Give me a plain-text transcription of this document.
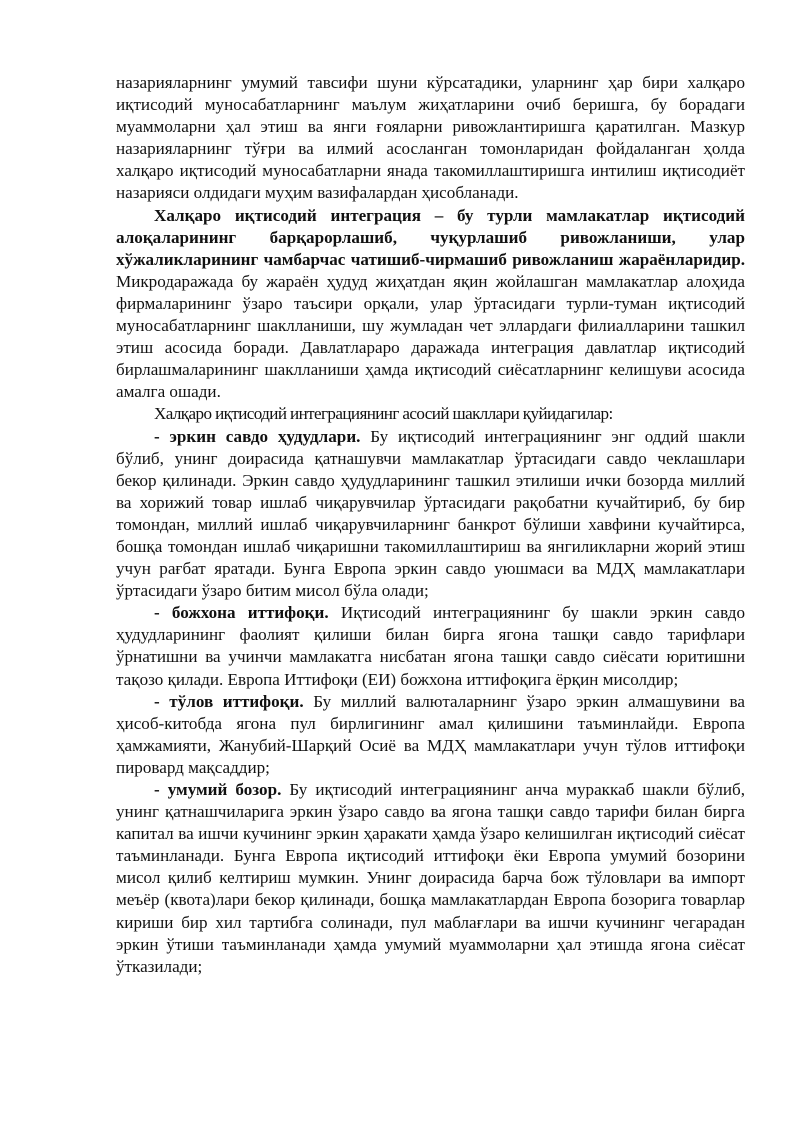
назарияларнинг умумий тавсифи шуни кўрсатадики, уларнинг ҳар бири халқаро иқтисодий муносабатларнинг маълум жиҳатларини очиб беришга, бу борадаги муаммоларни ҳал этиш ва янги ғояларни ривожлантиришга қаратилган. Мазкур назарияларнинг тўғри ва илмий асосланган томонларидан фойдаланган ҳолда халқаро иқтисодий муносабатларни янада такомиллаштиришга интилиш иқтисодиёт назарияси олдидаги муҳим вазифалардан ҳисобланади.

Халқаро иқтисодий интеграция – бу турли мамлакатлар иқтисодий алоқаларининг барқарорлашиб, чуқурлашиб ривожланиши, улар хўжаликларининг чамбарчас чатишиб-чирмашиб ривожланиш жараёнларидир. Микродаражада бу жараён ҳудуд жиҳатдан яқин жойлашган мамлакатлар алоҳида фирмаларининг ўзаро таъсири орқали, улар ўртасидаги турли-туман иқтисодий муносабатларнинг шаклланиши, шу жумладан чет эллардаги филиалларини ташкил этиш асосида боради. Давлатлараро даражада интеграция давлатлар иқтисодий бирлашмаларининг шаклланиши ҳамда иқтисодий сиёсатларнинг келишуви асосида амалга ошади.

Халқаро иқтисодий интеграциянинг асосий шакллари қуйидагилар:

- эркин савдо ҳудудлари. Бу иқтисодий интеграциянинг энг оддий шакли бўлиб, унинг доирасида қатнашувчи мамлакатлар ўртасидаги савдо чеклашлари бекор қилинади. Эркин савдо ҳудудларининг ташкил этилиши ички бозорда миллий ва хорижий товар ишлаб чиқарувчилар ўртасидаги рақобатни кучайтириб, бу бир томондан, миллий ишлаб чиқарувчиларнинг банкрот бўлиши хавфини кучайтирса, бошқа томондан ишлаб чиқаришни такомиллаштириш ва янгиликларни жорий этиш учун рағбат яратади. Бунга Европа эркин савдо уюшмаси ва МДҲ мамлакатлари ўртасидаги ўзаро битим мисол бўла олади;

- божхона иттифоқи. Иқтисодий интеграциянинг бу шакли эркин савдо ҳудудларининг фаолият қилиши билан бирга ягона ташқи савдо тарифлари ўрнатишни ва учинчи мамлакатга нисбатан ягона ташқи савдо сиёсати юритишни тақозо қилади. Европа Иттифоқи (ЕИ) божхона иттифоқига ёрқин мисолдир;

- тўлов иттифоқи. Бу миллий валюталарнинг ўзаро эркин алмашувини ва ҳисоб-китобда ягона пул бирлигининг амал қилишини таъминлайди. Европа ҳамжамияти, Жанубий-Шарқий Осиё ва МДҲ мамлакатлари учун тўлов иттифоқи пировард мақсаддир;

- умумий бозор. Бу иқтисодий интеграциянинг анча мураккаб шакли бўлиб, унинг қатнашчиларига эркин ўзаро савдо ва ягона ташқи савдо тарифи билан бирга капитал ва ишчи кучининг эркин ҳаракати ҳамда ўзаро келишилган иқтисодий сиёсат таъминланади. Бунга Европа иқтисодий иттифоқи ёки Европа умумий бозорини мисол қилиб келтириш мумкин. Унинг доирасида барча бож тўловлари ва импорт меъёр (квота)лари бекор қилинади, бошқа мамлакатлардан Европа бозорига товарлар кириши бир хил тартибга солинади, пул маблағлари ва ишчи кучининг чегарадан эркин ўтиши таъминланади ҳамда умумий муаммоларни ҳал этишда ягона сиёсат ўтказилади;
